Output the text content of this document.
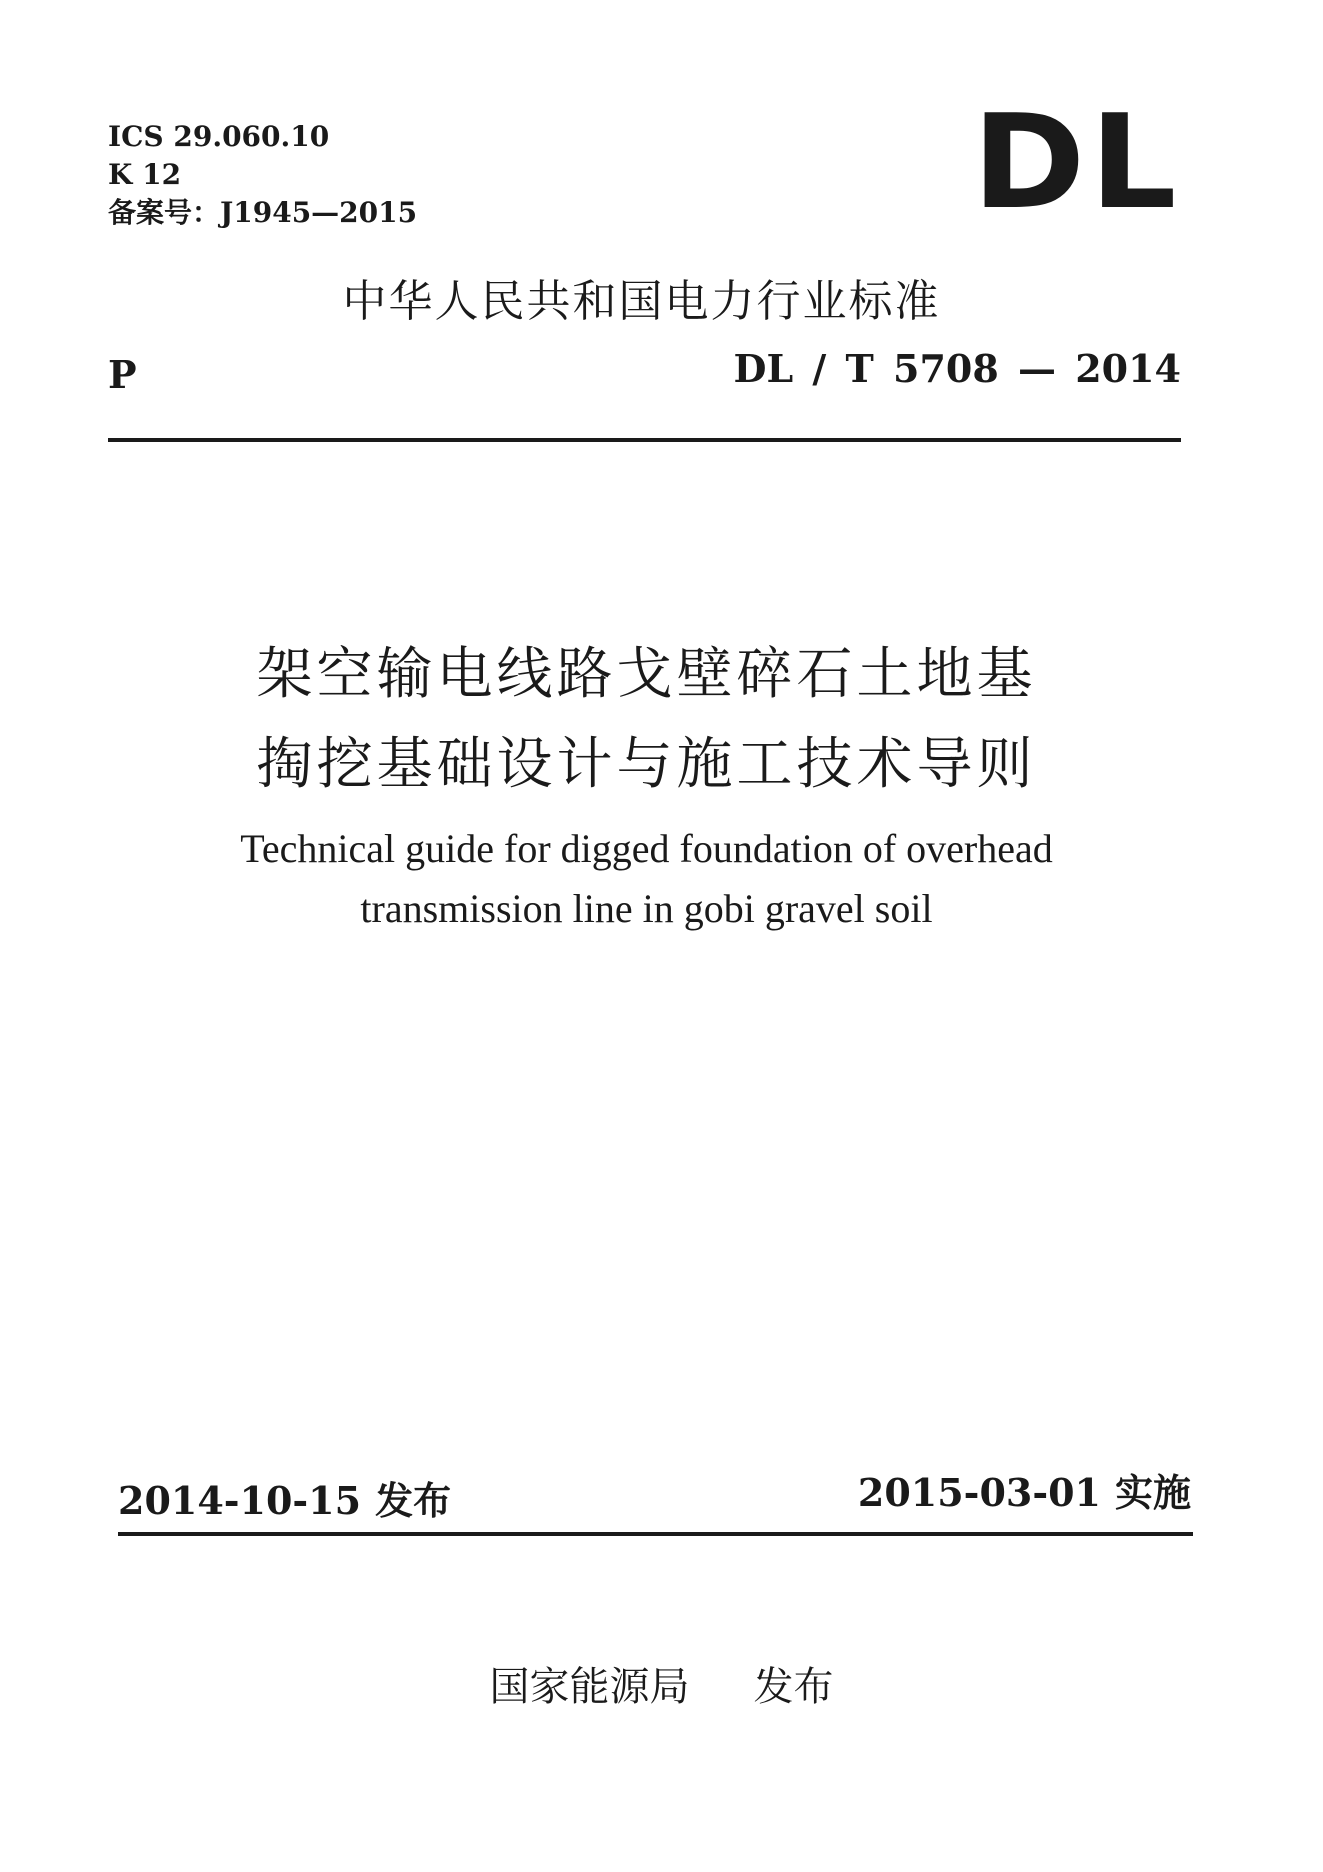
ICS 29.060.10
K 12
备案号：J1945—2015	DL
中华人民共和国电力行业标准
P	DL / T 5708 — 2014
架空输电线路戈壁碎石土地基
掏挖基础设计与施工技术导则
Technical guide for digged foundation of overhead
transmission line in gobi gravel soil
2014-10-15 发布	2015-03-01 实施
国家能源局 发布
